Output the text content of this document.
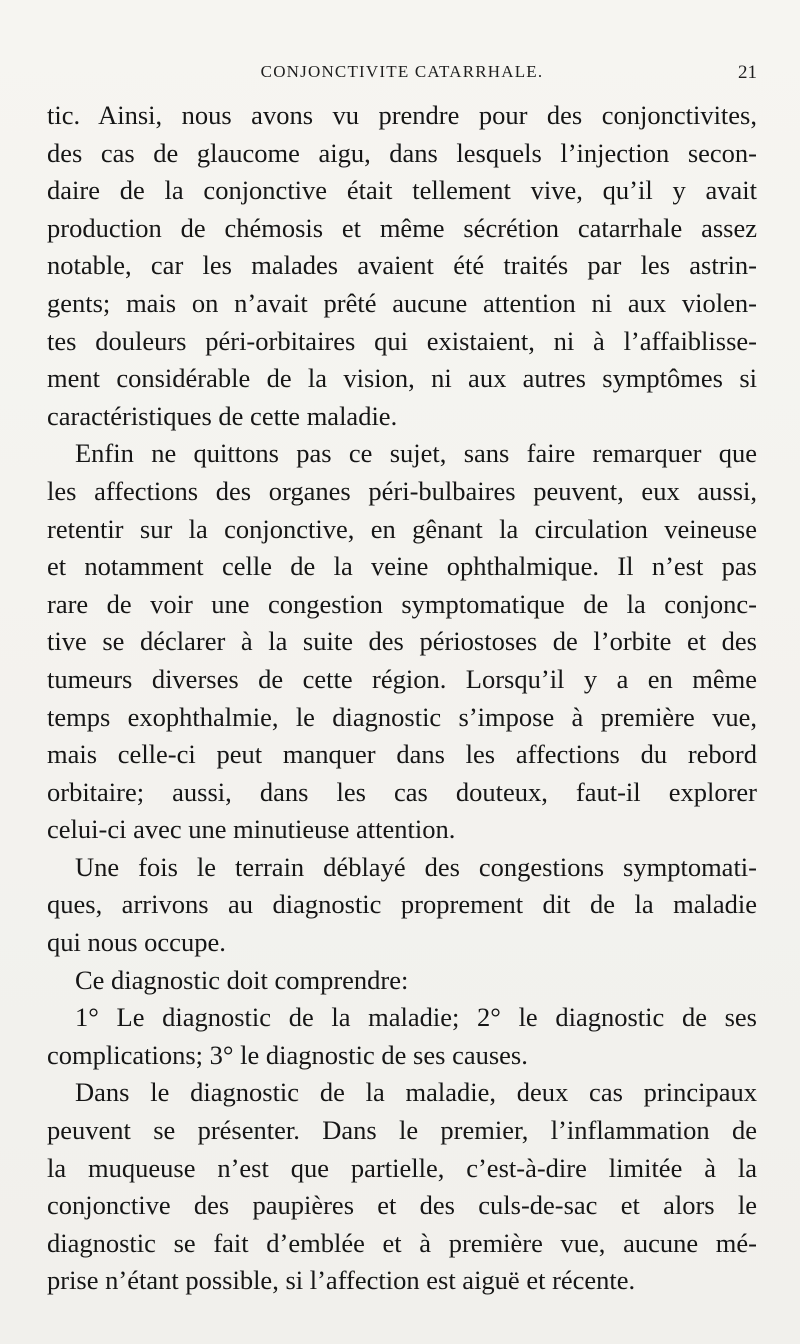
CONJONCTIVITE CATARRHALE.	21
tic. Ainsi, nous avons vu prendre pour des conjonctivites,
des cas de glaucome aigu, dans lesquels l’injection secon-
daire de la conjonctive était tellement vive, qu’il y avait
production de chémosis et même sécrétion catarrhale assez
notable, car les malades avaient été traités par les astrin-
gents; mais on n’avait prêté aucune attention ni aux violen-
tes douleurs péri-orbitaires qui existaient, ni à l’affaiblisse-
ment considérable de la vision, ni aux autres symptômes si
caractéristiques de cette maladie.
Enfin ne quittons pas ce sujet, sans faire remarquer que
les affections des organes péri-bulbaires peuvent, eux aussi,
retentir sur la conjonctive, en gênant la circulation veineuse
et notamment celle de la veine ophthalmique. Il n’est pas
rare de voir une congestion symptomatique de la conjonc-
tive se déclarer à la suite des périostoses de l’orbite et des
tumeurs diverses de cette région. Lorsqu’il y a en même
temps exophthalmie, le diagnostic s’impose à première vue,
mais celle-ci peut manquer dans les affections du rebord
orbitaire; aussi, dans les cas douteux, faut-il explorer
celui-ci avec une minutieuse attention.
Une fois le terrain déblayé des congestions symptomati-
ques, arrivons au diagnostic proprement dit de la maladie
qui nous occupe.
Ce diagnostic doit comprendre:
1° Le diagnostic de la maladie; 2° le diagnostic de ses
complications; 3° le diagnostic de ses causes.
Dans le diagnostic de la maladie, deux cas principaux
peuvent se présenter. Dans le premier, l’inflammation de
la muqueuse n’est que partielle, c’est-à-dire limitée à la
conjonctive des paupières et des culs-de-sac et alors le
diagnostic se fait d’emblée et à première vue, aucune mé-
prise n’étant possible, si l’affection est aiguë et récente.
